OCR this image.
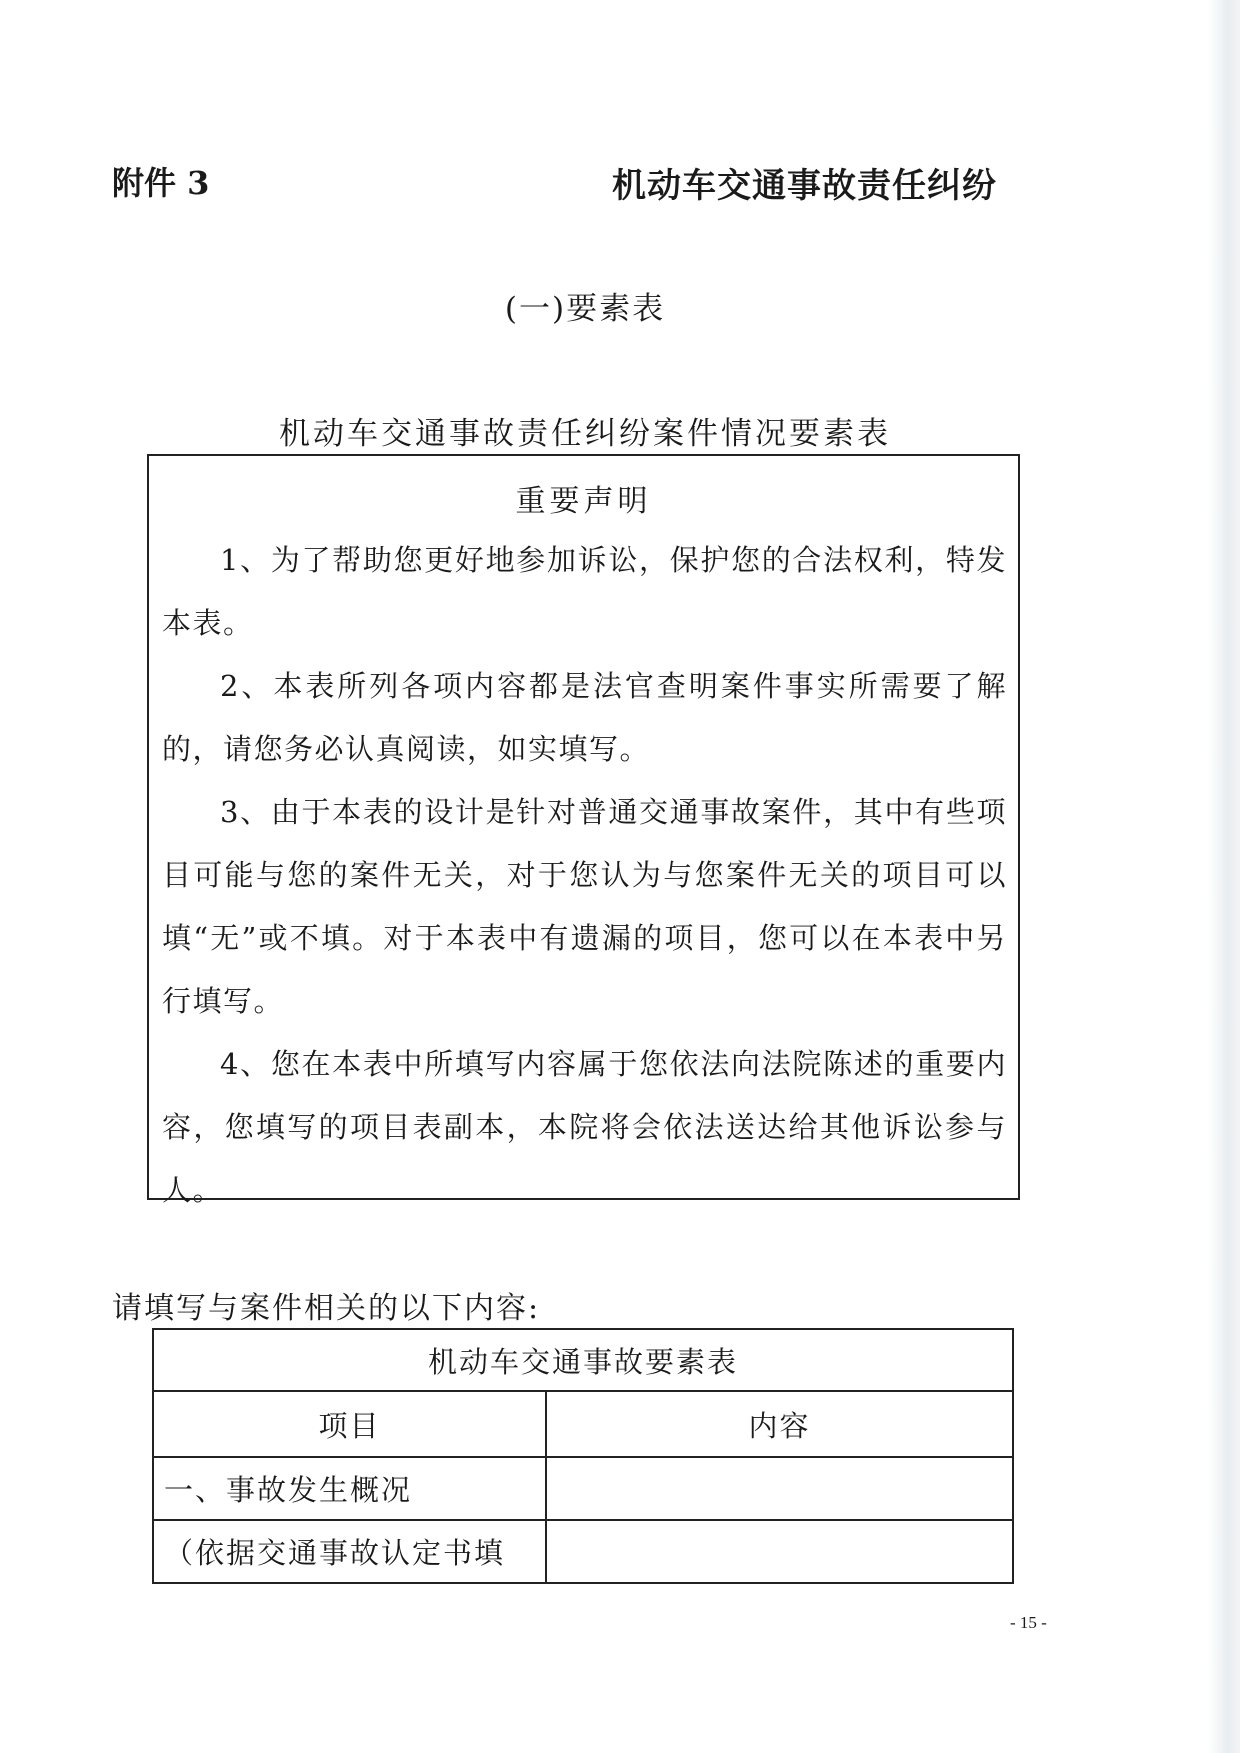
附件 3	机动车交通事故责任纠纷
(一)要素表
机动车交通事故责任纠纷案件情况要素表
重要声明
1、为了帮助您更好地参加诉讼，保护您的合法权利，特发本表。
2、本表所列各项内容都是法官查明案件事实所需要了解的，请您务必认真阅读，如实填写。
3、由于本表的设计是针对普通交通事故案件，其中有些项目可能与您的案件无关，对于您认为与您案件无关的项目可以填“无”或不填。对于本表中有遗漏的项目，您可以在本表中另行填写。
4、您在本表中所填写内容属于您依法向法院陈述的重要内容，您填写的项目表副本，本院将会依法送达给其他诉讼参与人。
请填写与案件相关的以下内容:
机动车交通事故要素表	
项目	内容
一、事故发生概况	
（依据交通事故认定书填	
- 15 -
